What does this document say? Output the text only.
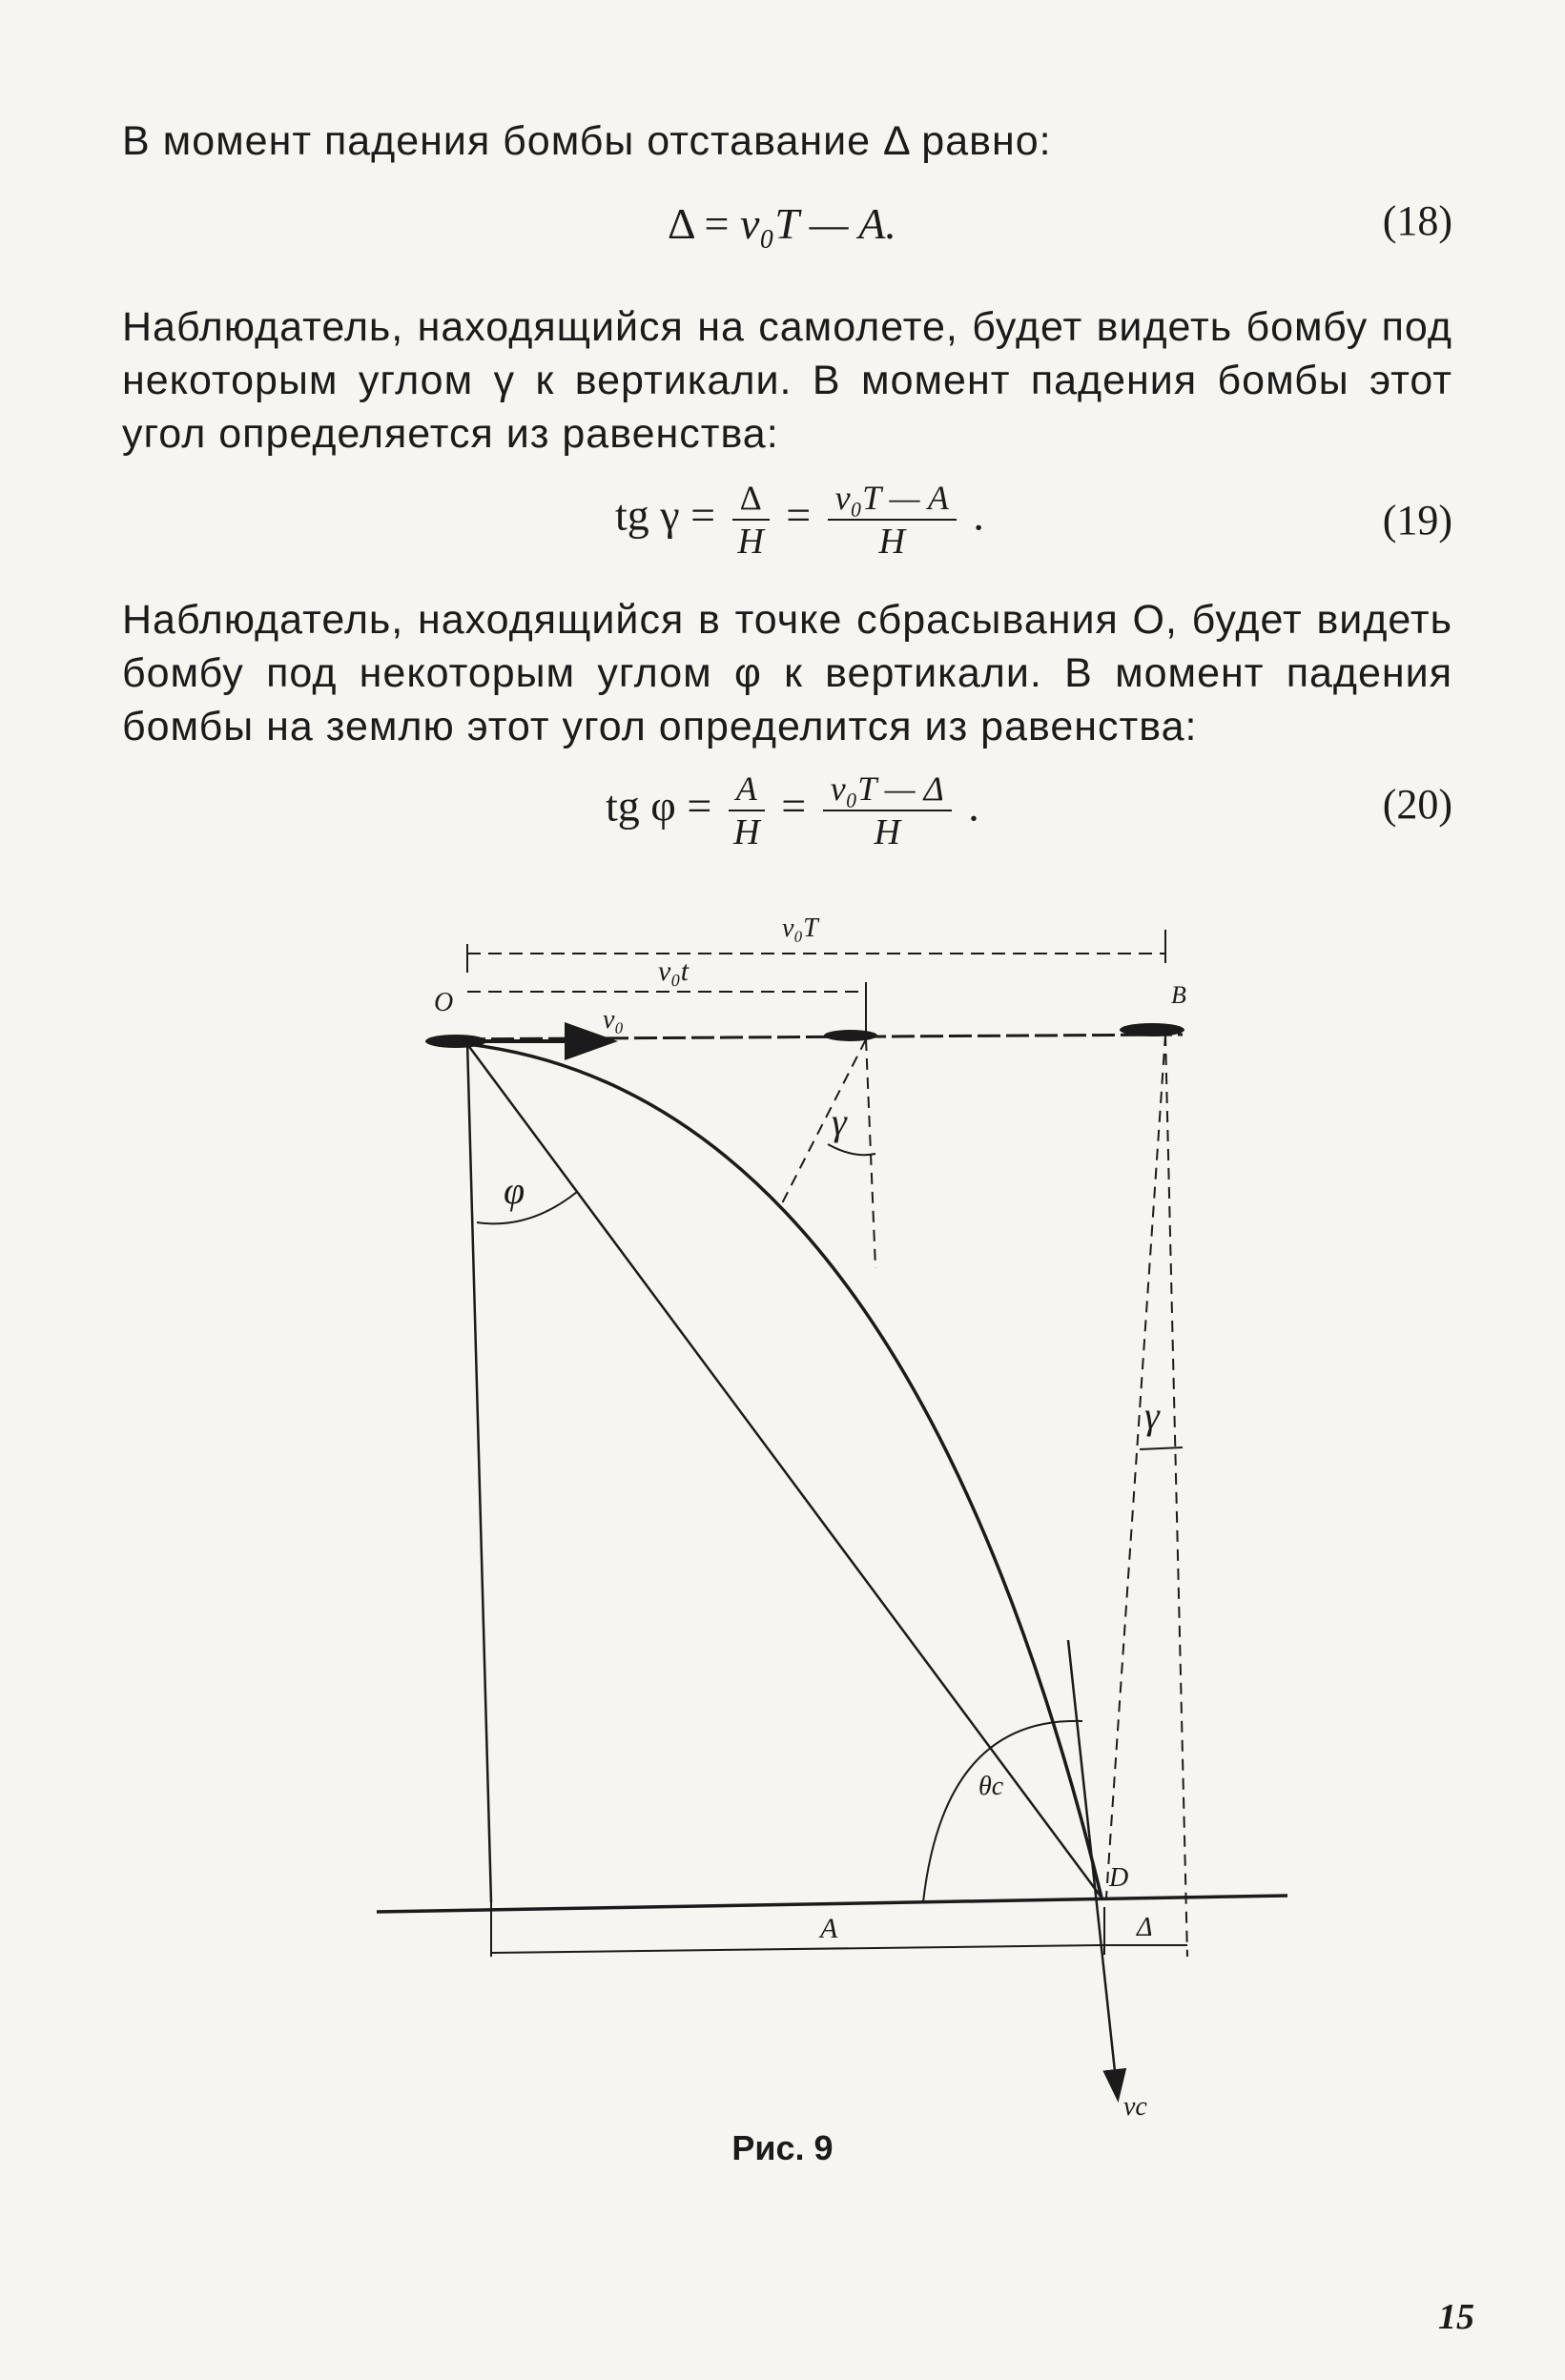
В момент падения бомбы отставание Δ равно:
Δ = v₀T — A.	(18)
Наблюдатель, находящийся на самолете, будет видеть бомбу под некоторым углом γ к вертикали. В момент падения бомбы этот угол определяется из равенства:
tg $\gamma = \frac{\Delta}{H} = \frac{\text{v₀T — A}}{H}$ .	(19)
Наблюдатель, находящийся в точке сбрасывания О, будет видеть бомбу под некоторым углом φ к вертикали. В момент падения бомбы на землю этот угол определится из равенства:
tg $\varphi = \frac{A}{H} = \frac{\text{v₀T — Δ}}{H}$ .	(20)
v₀T
v₀t
O
v₀
B
γ
φ
γ
θc
D
A	Δ
vc
Рис. 9
15
